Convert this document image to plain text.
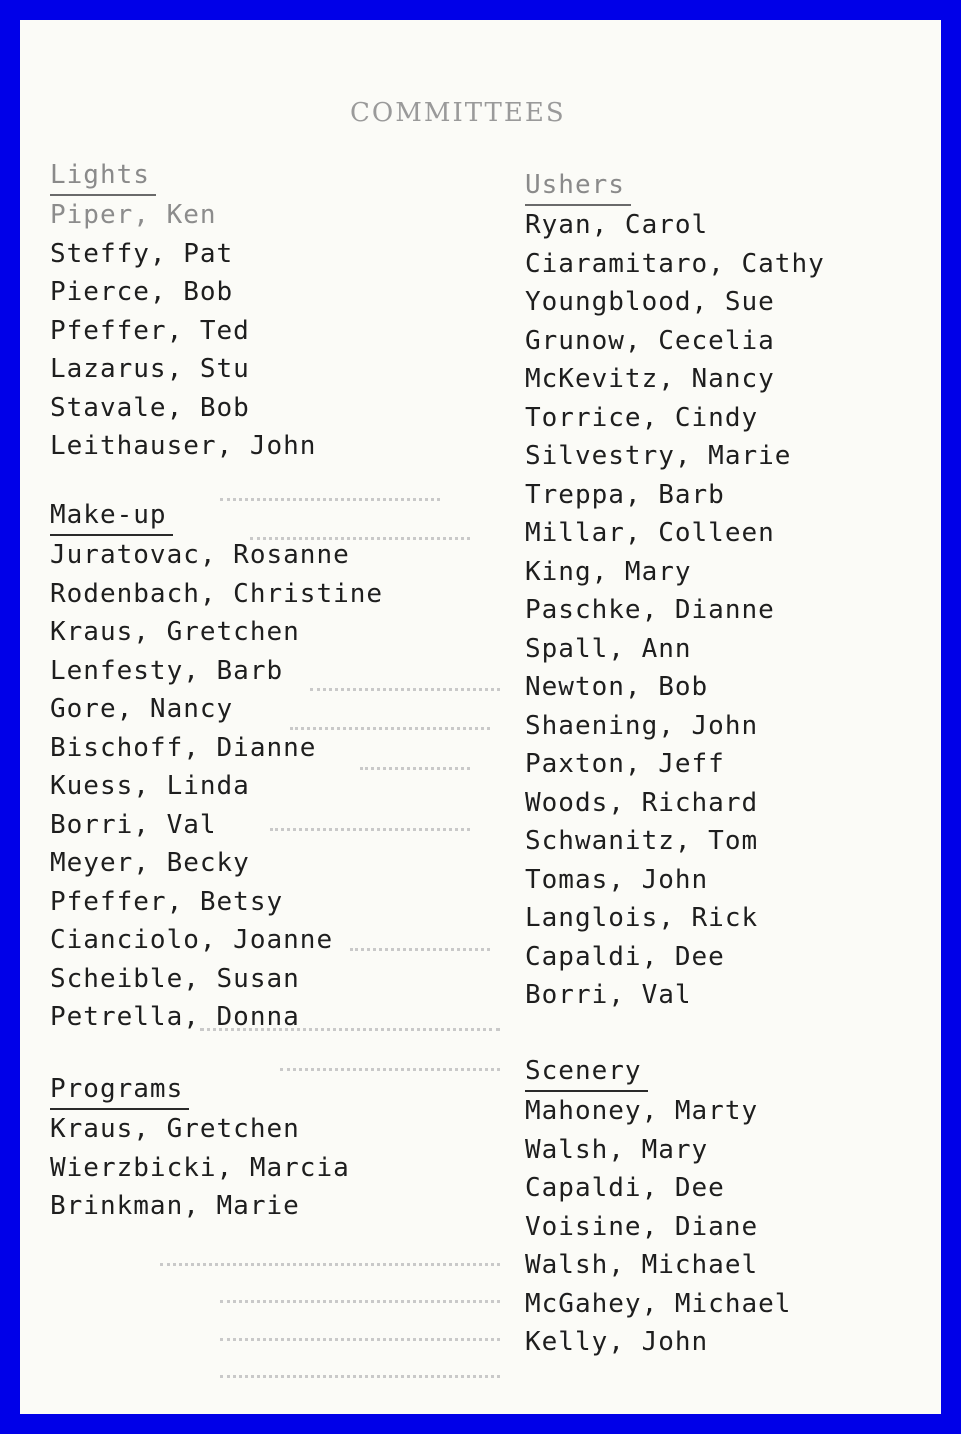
COMMITTEES
Lights
Piper, Ken
Steffy, Pat
Pierce, Bob
Pfeffer, Ted
Lazarus, Stu
Stavale, Bob
Leithauser, John
Make-up
Juratovac, Rosanne
Rodenbach, Christine
Kraus, Gretchen
Lenfesty, Barb
Gore, Nancy
Bischoff, Dianne
Kuess, Linda
Borri, Val
Meyer, Becky
Pfeffer, Betsy
Cianciolo, Joanne
Scheible, Susan
Petrella, Donna
Programs
Kraus, Gretchen
Wierzbicki, Marcia
Brinkman, Marie
Ushers
Ryan, Carol
Ciaramitaro, Cathy
Youngblood, Sue
Grunow, Cecelia
McKevitz, Nancy
Torrice, Cindy
Silvestry, Marie
Treppa, Barb
Millar, Colleen
King, Mary
Paschke, Dianne
Spall, Ann
Newton, Bob
Shaening, John
Paxton, Jeff
Woods, Richard
Schwanitz, Tom
Tomas, John
Langlois, Rick
Capaldi, Dee
Borri, Val
Scenery
Mahoney, Marty
Walsh, Mary
Capaldi, Dee
Voisine, Diane
Walsh, Michael
McGahey, Michael
Kelly, John
